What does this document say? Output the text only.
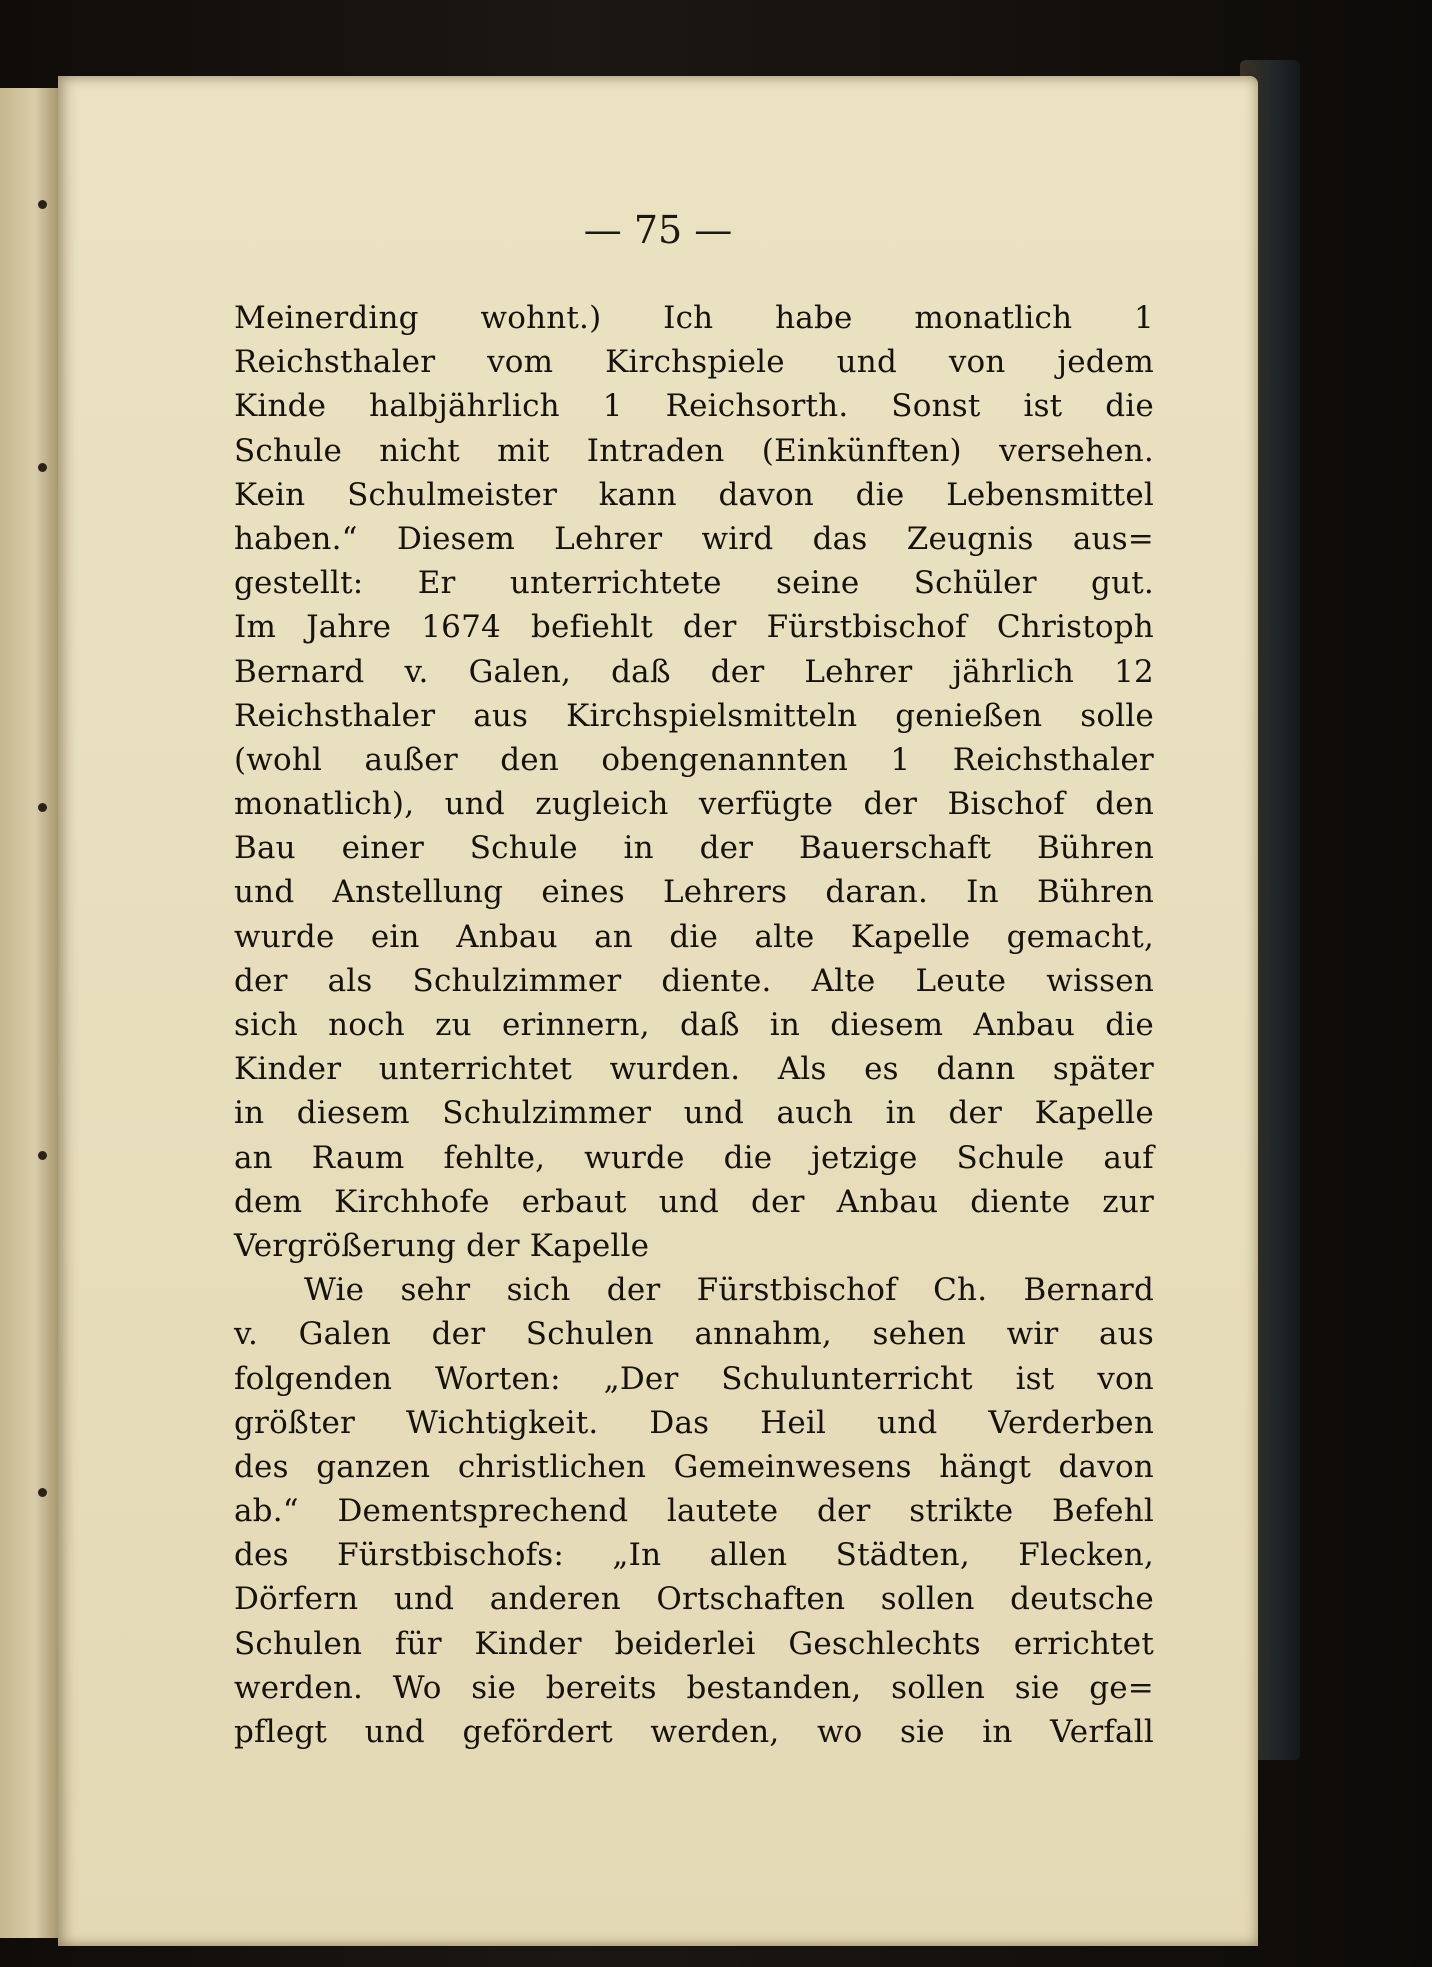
— 75 —
Meinerding wohnt.) Ich habe monatlich 1
Reichsthaler vom Kirchspiele und von jedem
Kinde halbjährlich 1 Reichsorth. Sonst ist die
Schule nicht mit Intraden (Einkünften) versehen.
Kein Schulmeister kann davon die Lebensmittel
haben.“ Diesem Lehrer wird das Zeugnis aus=
gestellt: Er unterrichtete seine Schüler gut.
Im Jahre 1674 befiehlt der Fürstbischof Christoph
Bernard v. Galen, daß der Lehrer jährlich 12
Reichsthaler aus Kirchspielsmitteln genießen solle
(wohl außer den obengenannten 1 Reichsthaler
monatlich), und zugleich verfügte der Bischof den
Bau einer Schule in der Bauerschaft Bühren
und Anstellung eines Lehrers daran. In Bühren
wurde ein Anbau an die alte Kapelle gemacht,
der als Schulzimmer diente. Alte Leute wissen
sich noch zu erinnern, daß in diesem Anbau die
Kinder unterrichtet wurden. Als es dann später
in diesem Schulzimmer und auch in der Kapelle
an Raum fehlte, wurde die jetzige Schule auf
dem Kirchhofe erbaut und der Anbau diente zur
Vergrößerung der Kapelle
Wie sehr sich der Fürstbischof Ch. Bernard
v. Galen der Schulen annahm, sehen wir aus
folgenden Worten: „Der Schulunterricht ist von
größter Wichtigkeit. Das Heil und Verderben
des ganzen christlichen Gemeinwesens hängt davon
ab.“ Dementsprechend lautete der strikte Befehl
des Fürstbischofs: „In allen Städten, Flecken,
Dörfern und anderen Ortschaften sollen deutsche
Schulen für Kinder beiderlei Geschlechts errichtet
werden. Wo sie bereits bestanden, sollen sie ge=
pflegt und gefördert werden, wo sie in Verfall
